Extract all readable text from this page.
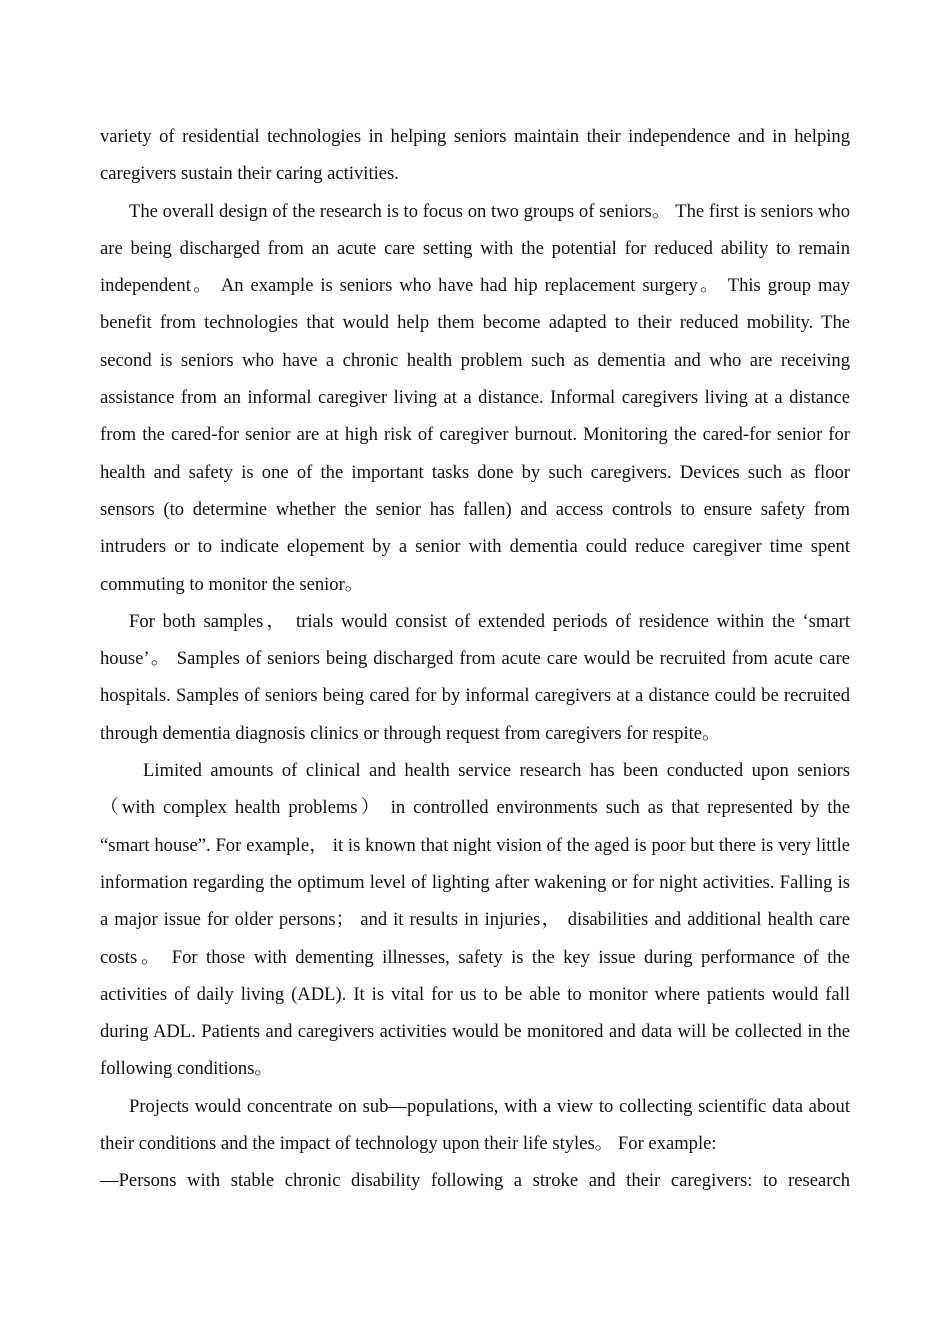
variety of residential technologies in helping seniors maintain their independence and in helping caregivers sustain their caring activities.

The overall design of the research is to focus on two groups of seniors。 The first is seniors who are being discharged from an acute care setting with the potential for reduced ability to remain independent。 An example is seniors who have had hip replacement surgery。 This group may benefit from technologies that would help them become adapted to their reduced mobility. The second is seniors who have a chronic health problem such as dementia and who are receiving assistance from an informal caregiver living at a distance. Informal caregivers living at a distance from the cared-for senior are at high risk of caregiver burnout. Monitoring the cared-for senior for health and safety is one of the important tasks done by such caregivers. Devices such as floor sensors (to determine whether the senior has fallen) and access controls to ensure safety from intruders or to indicate elopement by a senior with dementia could reduce caregiver time spent commuting to monitor the senior。

For both samples， trials would consist of extended periods of residence within the ‘smart house’。 Samples of seniors being discharged from acute care would be recruited from acute care hospitals. Samples of seniors being cared for by informal caregivers at a distance could be recruited through dementia diagnosis clinics or through request from caregivers for respite。

Limited amounts of clinical and health service research has been conducted upon seniors （with complex health problems） in controlled environments such as that represented by the “smart house”. For example， it is known that night vision of the aged is poor but there is very little information regarding the optimum level of lighting after wakening or for night activities. Falling is a major issue for older persons； and it results in injuries， disabilities and additional health care costs。 For those with dementing illnesses, safety is the key issue during performance of the activities of daily living (ADL). It is vital for us to be able to monitor where patients would fall during ADL. Patients and caregivers activities would be monitored and data will be collected in the following conditions。

Projects would concentrate on sub—populations, with a view to collecting scientific data about their conditions and the impact of technology upon their life styles。 For example:

—Persons with stable chronic disability following a stroke and their caregivers: to research
